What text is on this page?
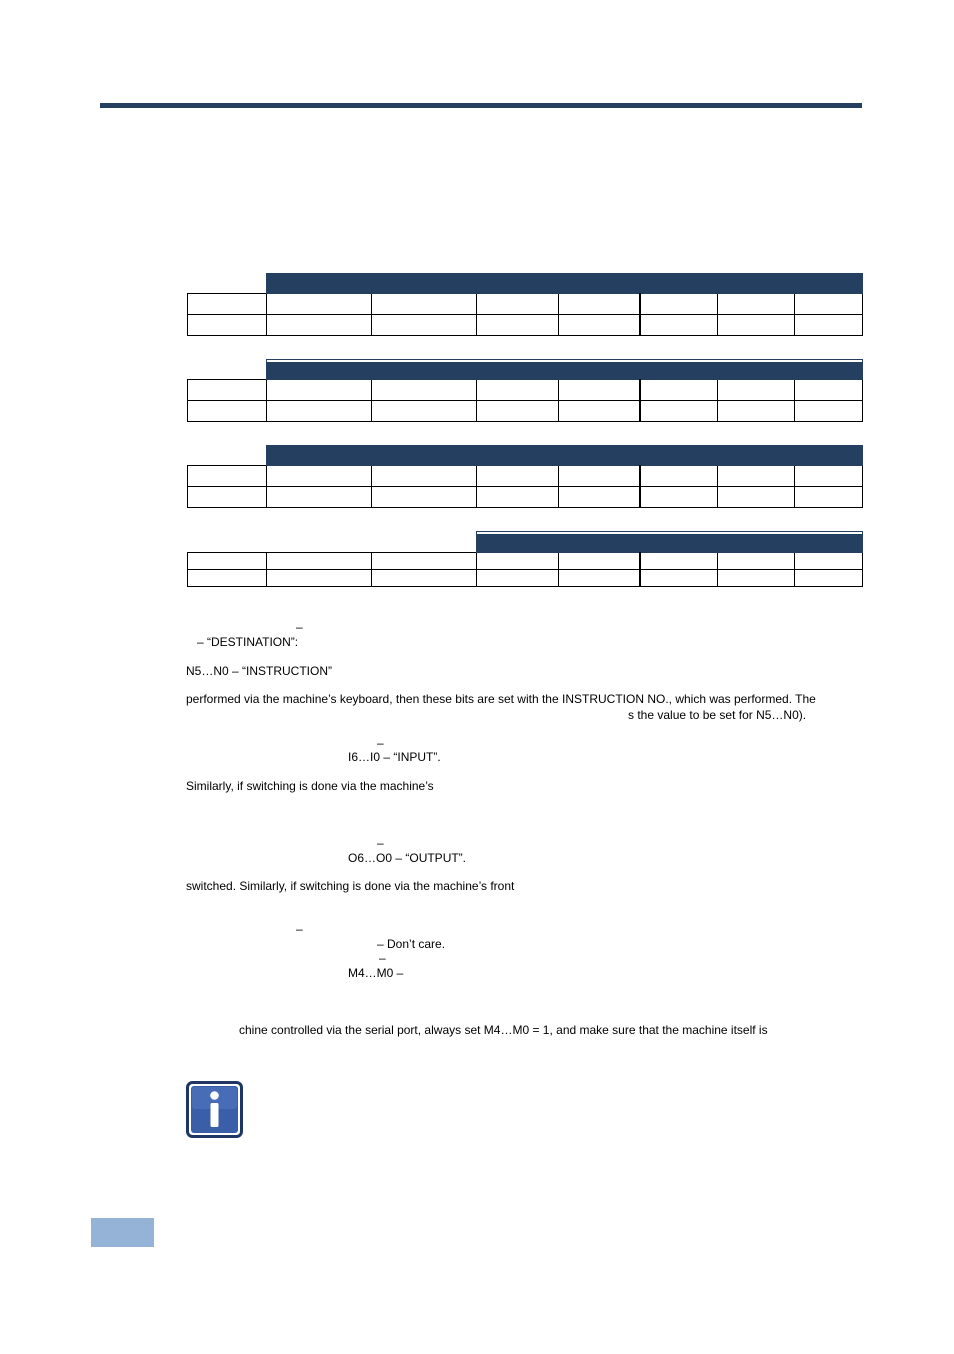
–
– “DESTINATION”:
N5…N0 – “INSTRUCTION”
performed via the machine’s keyboard, then these bits are set with the INSTRUCTION NO., which was performed. The
s the value to be set for N5…N0).
–
I6…I0 – “INPUT”.
Similarly, if switching is done via the machine’s
–
O6…O0 – “OUTPUT”.
switched. Similarly, if switching is done via the machine’s front
–
– Don’t care.
–
M4…M0 –
chine controlled via the serial port, always set M4…M0 = 1, and make sure that the machine itself is
